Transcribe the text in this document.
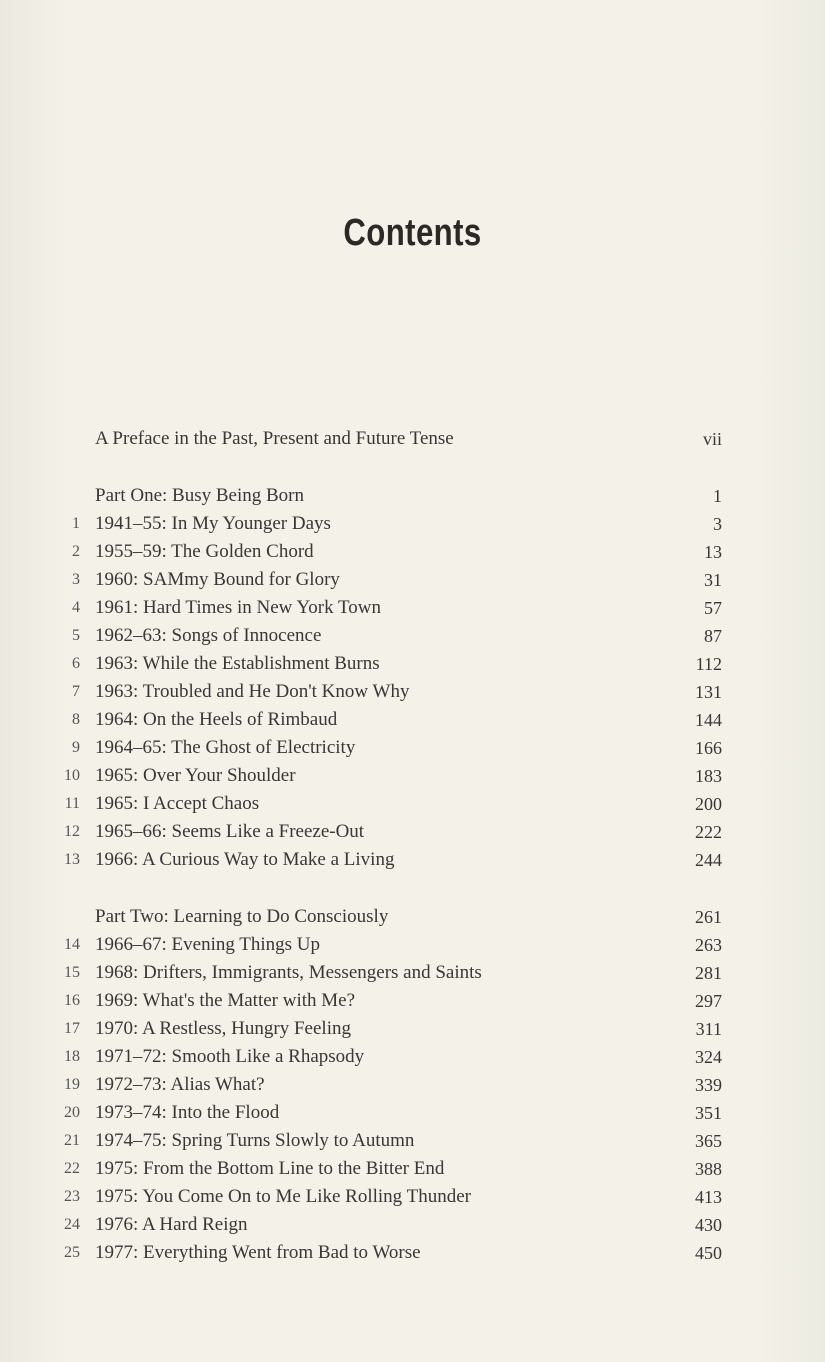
Contents
A Preface in the Past, Present and Future Tense	vii
Part One: Busy Being Born	1
1 1941–55: In My Younger Days	3
2 1955–59: The Golden Chord	13
3 1960: SAMmy Bound for Glory	31
4 1961: Hard Times in New York Town	57
5 1962–63: Songs of Innocence	87
6 1963: While the Establishment Burns	112
7 1963: Troubled and He Don't Know Why	131
8 1964: On the Heels of Rimbaud	144
9 1964–65: The Ghost of Electricity	166
10 1965: Over Your Shoulder	183
11 1965: I Accept Chaos	200
12 1965–66: Seems Like a Freeze-Out	222
13 1966: A Curious Way to Make a Living	244
Part Two: Learning to Do Consciously	261
14 1966–67: Evening Things Up	263
15 1968: Drifters, Immigrants, Messengers and Saints	281
16 1969: What's the Matter with Me?	297
17 1970: A Restless, Hungry Feeling	311
18 1971–72: Smooth Like a Rhapsody	324
19 1972–73: Alias What?	339
20 1973–74: Into the Flood	351
21 1974–75: Spring Turns Slowly to Autumn	365
22 1975: From the Bottom Line to the Bitter End	388
23 1975: You Come On to Me Like Rolling Thunder	413
24 1976: A Hard Reign	430
25 1977: Everything Went from Bad to Worse	450
